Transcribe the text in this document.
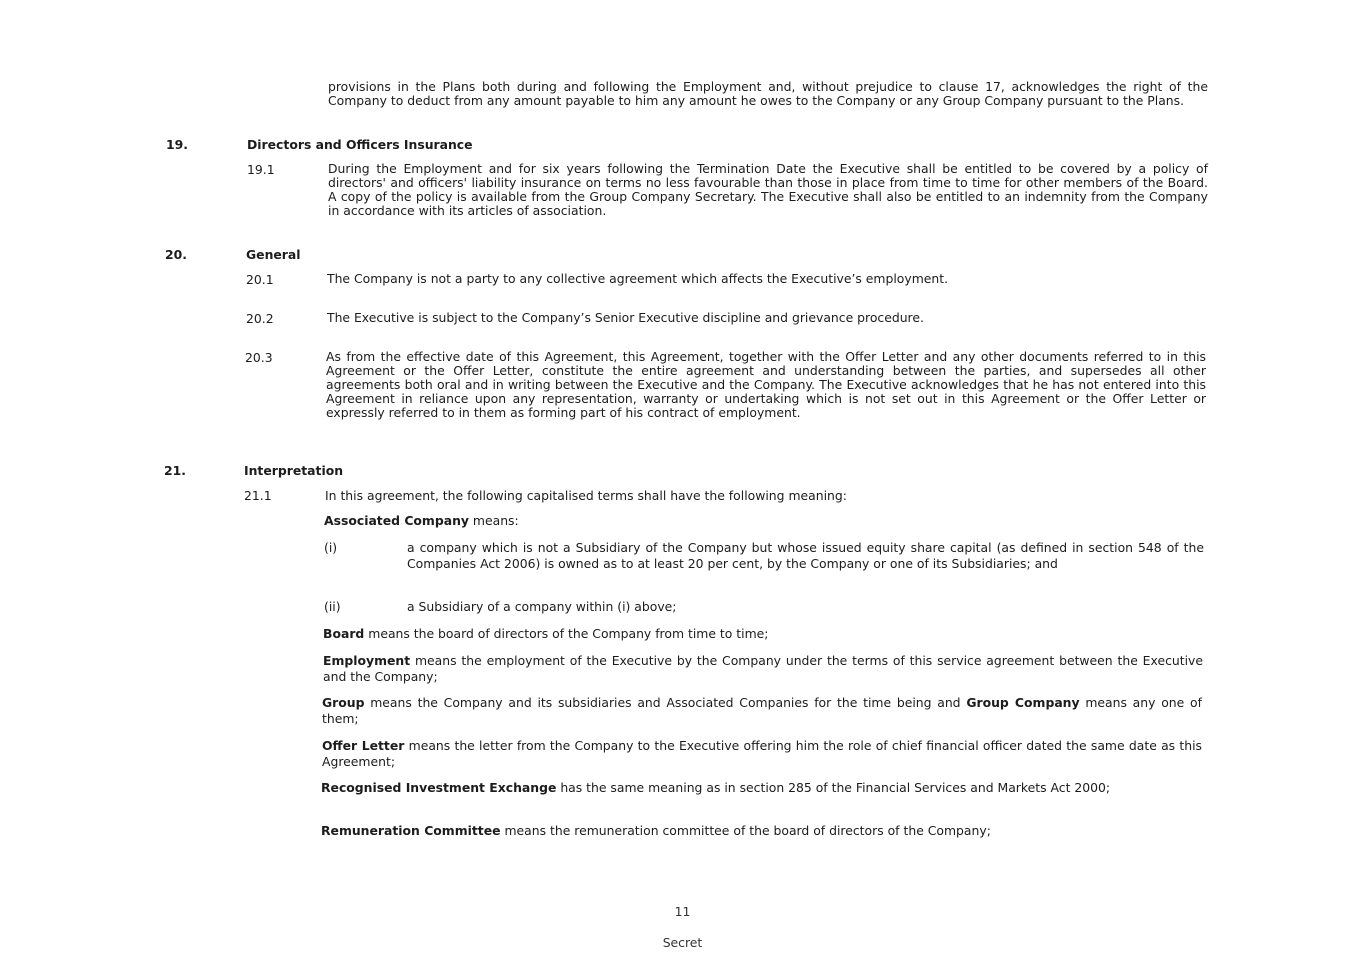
provisions in the Plans both during and following the Employment and, without prejudice to clause 17, acknowledges the right of the Company to deduct from any amount payable to him any amount he owes to the Company or any Group Company pursuant to the Plans.
19.	Directors and Officers Insurance
19.1	During the Employment and for six years following the Termination Date the Executive shall be entitled to be covered by a policy of directors' and officers' liability insurance on terms no less favourable than those in place from time to time for other members of the Board. A copy of the policy is available from the Group Company Secretary. The Executive shall also be entitled to an indemnity from the Company in accordance with its articles of association.
20.	General
20.1	The Company is not a party to any collective agreement which affects the Executive’s employment.
20.2	The Executive is subject to the Company’s Senior Executive discipline and grievance procedure.
20.3	As from the effective date of this Agreement, this Agreement, together with the Offer Letter and any other documents referred to in this Agreement or the Offer Letter, constitute the entire agreement and understanding between the parties, and supersedes all other agreements both oral and in writing between the Executive and the Company. The Executive acknowledges that he has not entered into this Agreement in reliance upon any representation, warranty or undertaking which is not set out in this Agreement or the Offer Letter or expressly referred to in them as forming part of his contract of employment.
21.	Interpretation
21.1	In this agreement, the following capitalised terms shall have the following meaning:
Associated Company means:
(i)	a company which is not a Subsidiary of the Company but whose issued equity share capital (as defined in section 548 of the Companies Act 2006) is owned as to at least 20 per cent, by the Company or one of its Subsidiaries; and
(ii)	a Subsidiary of a company within (i) above;
Board means the board of directors of the Company from time to time;
Employment means the employment of the Executive by the Company under the terms of this service agreement between the Executive and the Company;
Group means the Company and its subsidiaries and Associated Companies for the time being and Group Company means any one of them;
Offer Letter means the letter from the Company to the Executive offering him the role of chief financial officer dated the same date as this Agreement;
Recognised Investment Exchange has the same meaning as in section 285 of the Financial Services and Markets Act 2000;
Remuneration Committee means the remuneration committee of the board of directors of the Company;
11
Secret
